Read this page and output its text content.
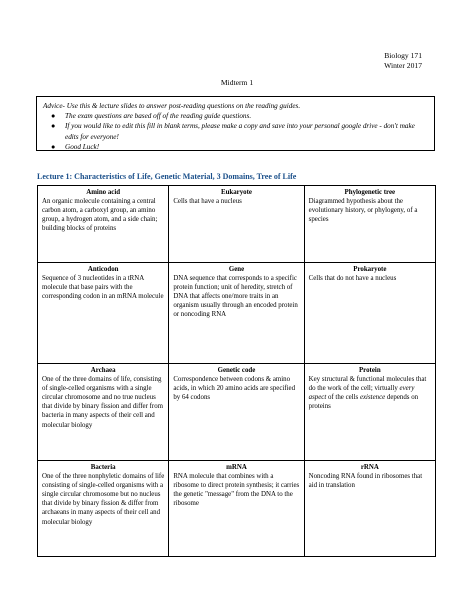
Biology 171
Winter 2017
Midterm 1
Advice- Use this & lecture slides to answer post-reading questions on the reading guides.
● The exam questions are based off of the reading guide questions.
● If you would like to edit this fill in blank terms, please make a copy and save into your personal google drive - don't make edits for everyone!
● Good Luck!
Lecture 1: Characteristics of Life, Genetic Material, 3 Domains, Tree of Life
Amino acid
An organic molecule containing a central carbon atom, a carboxyl group, an amino group, a hydrogen atom, and a side chain; building blocks of proteins	Eukaryote
Cells that have a nucleus	Phylogenetic tree
Diagrammed hypothesis about the evolutionary history, or phylogeny, of a species

Anticodon
Sequence of 3 nucleotides in a tRNA molecule that base pairs with the corresponding codon in an mRNA molecule	Gene
DNA sequence that corresponds to a specific protein function; unit of heredity, stretch of DNA that affects one/more traits in an organism usually through an encoded protein or noncoding RNA	Prokaryote
Cells that do not have a nucleus

Archaea
One of the three domains of life, consisting of single-celled organisms with a single circular chromosome and no true nucleus that divide by binary fission and differ from bacteria in many aspects of their cell and molecular biology	Genetic code
Correspondence between codons & amino acids, in which 20 amino acids are specified by 64 codons	Protein
Key structural & functional molecules that do the work of the cell; virtually every aspect of the cells existence depends on proteins

Bacteria
One of the three nonphyletic domains of life consisting of single-celled organisms with a single circular chromosome but no nucleus that divide by binary fission & differ from archaeans in many aspects of their cell and molecular biology	mRNA
RNA molecule that combines with a ribosome to direct protein synthesis; it carries the genetic "message" from the DNA to the ribosome	rRNA
Noncoding RNA found in ribosomes that aid in translation
